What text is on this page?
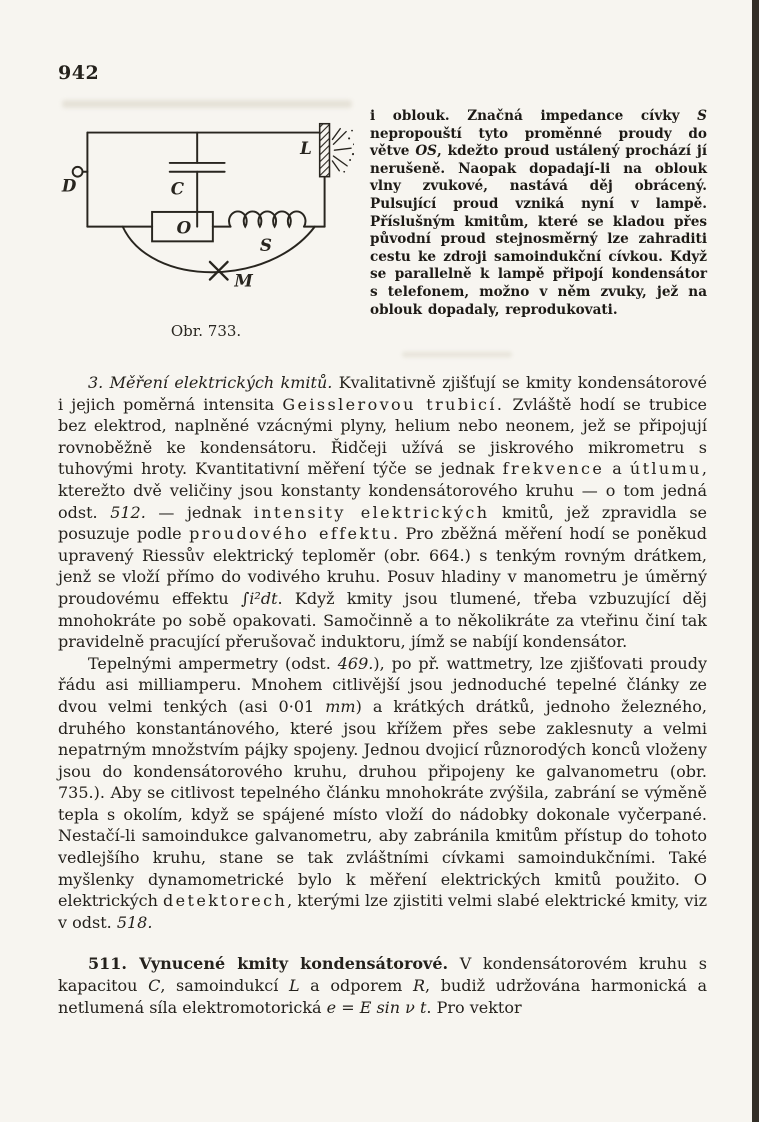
942
D	C
O
S
L
M
Obr. 733.
i oblouk. Značná impedance cívky S nepropouští tyto proměnné proudy do větve OS, kdežto proud ustálený prochází jí nerušeně. Naopak dopadají-li na oblouk vlny zvukové, nastává děj obrácený. Pulsující proud vzniká nyní v lampě. Příslušným kmitům, které se kladou přes původní proud stejnosměrný lze zahraditi cestu ke zdroji samoindukční cívkou. Když se parallelně k lampě připojí kondensátor s telefonem, možno v něm zvuky, jež na oblouk dopadaly, reprodukovati.

3. Měření elektrických kmitů. Kvalitativně zjišťují se kmity kondensátorové i jejich poměrná intensita Geisslerovou trubicí. Zvláště hodí se trubice bez elektrod, naplněné vzácnými plyny, helium nebo neonem, jež se připojují rovnoběžně ke kondensátoru. Řidčeji užívá se jiskrového mikrometru s tuhovými hroty. Kvantitativní měření týče se jednak frekvence a útlumu, kterežto dvě veličiny jsou konstanty kondensátorového kruhu — o tom jedná odst. 512. — jednak intensity elektrických kmitů, jež zpravidla se posuzuje podle proudového effektu. Pro zběžná měření hodí se poněkud upravený Riessův elektrický teploměr (obr. 664.) s tenkým rovným drátkem, jenž se vloží přímo do vodivého kruhu. Posuv hladiny v manometru je úměrný proudovému effektu ∫i²dt. Když kmity jsou tlumené, třeba vzbuzující děj mnohokráte po sobě opakovati. Samočinně a to několikráte za vteřinu činí tak pravidelně pracující přerušovač induktoru, jímž se nabíjí kondensátor.

Tepelnými ampermetry (odst. 469.), po př. wattmetry, lze zjišťovati proudy řádu asi milliamperu. Mnohem citlivější jsou jednoduché tepelné články ze dvou velmi tenkých (asi 0·01 mm) a krátkých drátků, jednoho železného, druhého konstantánového, které jsou křížem přes sebe zaklesnuty a velmi nepatrným množstvím pájky spojeny. Jednou dvojicí různorodých konců vloženy jsou do kondensátorového kruhu, druhou připojeny ke galvanometru (obr. 735.). Aby se citlivost tepelného článku mnohokráte zvýšila, zabrání se výměně tepla s okolím, když se spájené místo vloží do nádobky dokonale vyčerpané. Nestačí-li samoindukce galvanometru, aby zabránila kmitům přístup do tohoto vedlejšího kruhu, stane se tak zvláštními cívkami samoindukčními. Také myšlenky dynamometrické bylo k měření elektrických kmitů použito. O elektrických detektorech, kterými lze zjistiti velmi slabé elektrické kmity, viz v odst. 518.

511. Vynucené kmity kondensátorové. V kondensátorovém kruhu s kapacitou C, samoindukcí L a odporem R, budiž udržována harmonická a netlumená síla elektromotorická e = E sin ν t. Pro vektor
